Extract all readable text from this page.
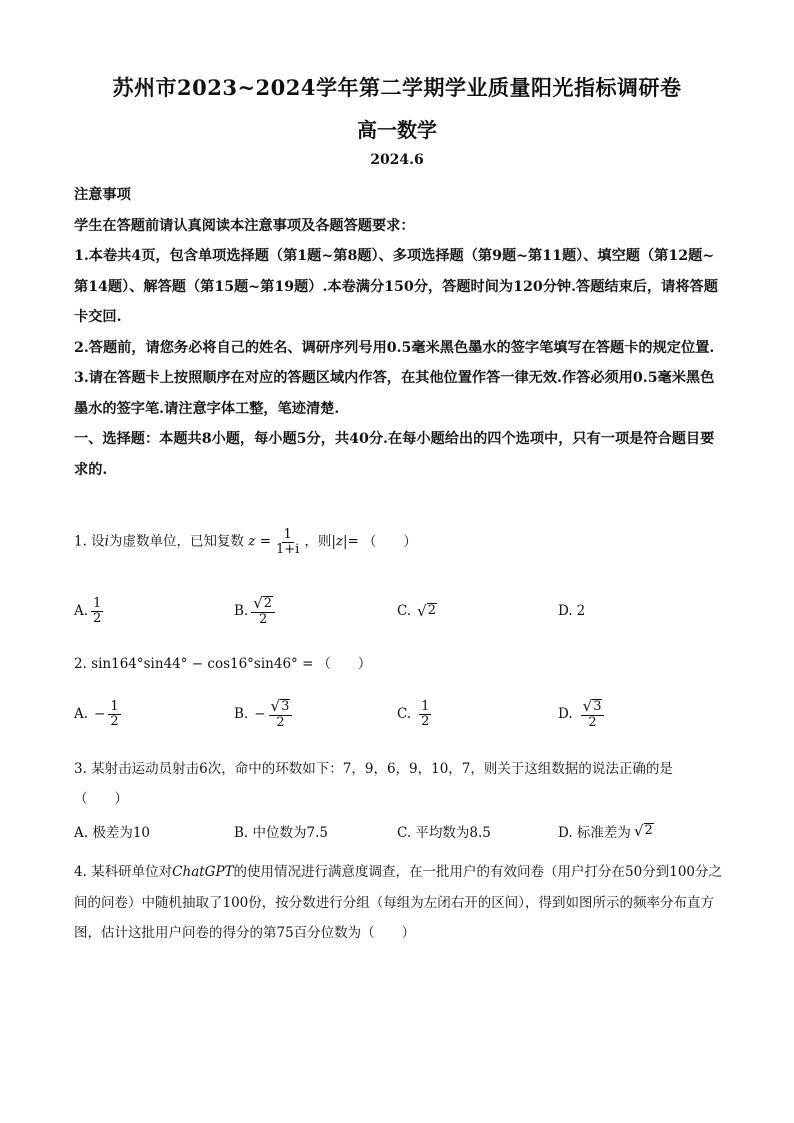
苏州市2023~2024学年第二学期学业质量阳光指标调研卷
高一数学
2024.6

注意事项

学生在答题前请认真阅读本注意事项及各题答题要求：

1.本卷共4页，包含单项选择题（第1题~第8题）、多项选择题（第9题~第11题）、填空题（第12题~第14题）、解答题（第15题~第19题）.本卷满分150分，答题时间为120分钟.答题结束后，请将答题卡交回.

2.答题前，请您务必将自己的姓名、调研序列号用0.5毫米黑色墨水的签字笔填写在答题卡的规定位置.

3.请在答题卡上按照顺序在对应的答题区域内作答，在其他位置作答一律无效.作答必须用0.5毫米黑色墨水的签字笔.请注意字体工整，笔迹清楚.

一、选择题：本题共8小题，每小题5分，共40分.在每小题给出的四个选项中，只有一项是符合题目要求的.

1. 设i为虚数单位，已知复数 $z = \frac{1}{1+i}$ ，则|z|= （　　）
A. $\frac{1}{2}$	B. $\frac{√ 2}{2}$	C. √ 2	D. 2
2. sin164°sin44° − cos16°sin46° = （　　）
A. − $\frac{1}{2}$	B. − $\frac{√ 3}{2}$	C. $\frac{1}{2}$	D. $\frac{√ 3}{2}$
3. 某射击运动员射击6次，命中的环数如下：7，9，6，9，10，7，则关于这组数据的说法正确的是
（　　）
A. 极差为10	B. 中位数为7.5	C. 平均数为8.5	D. 标准差为 √ 2
4. 某科研单位对ChatGPT的使用情况进行满意度调查，在一批用户的有效问卷（用户打分在50分到100分之间的问卷）中随机抽取了100份，按分数进行分组（每组为左闭右开的区间），得到如图所示的频率分布直方图，估计这批用户问卷的得分的第75百分位数为（　　）
